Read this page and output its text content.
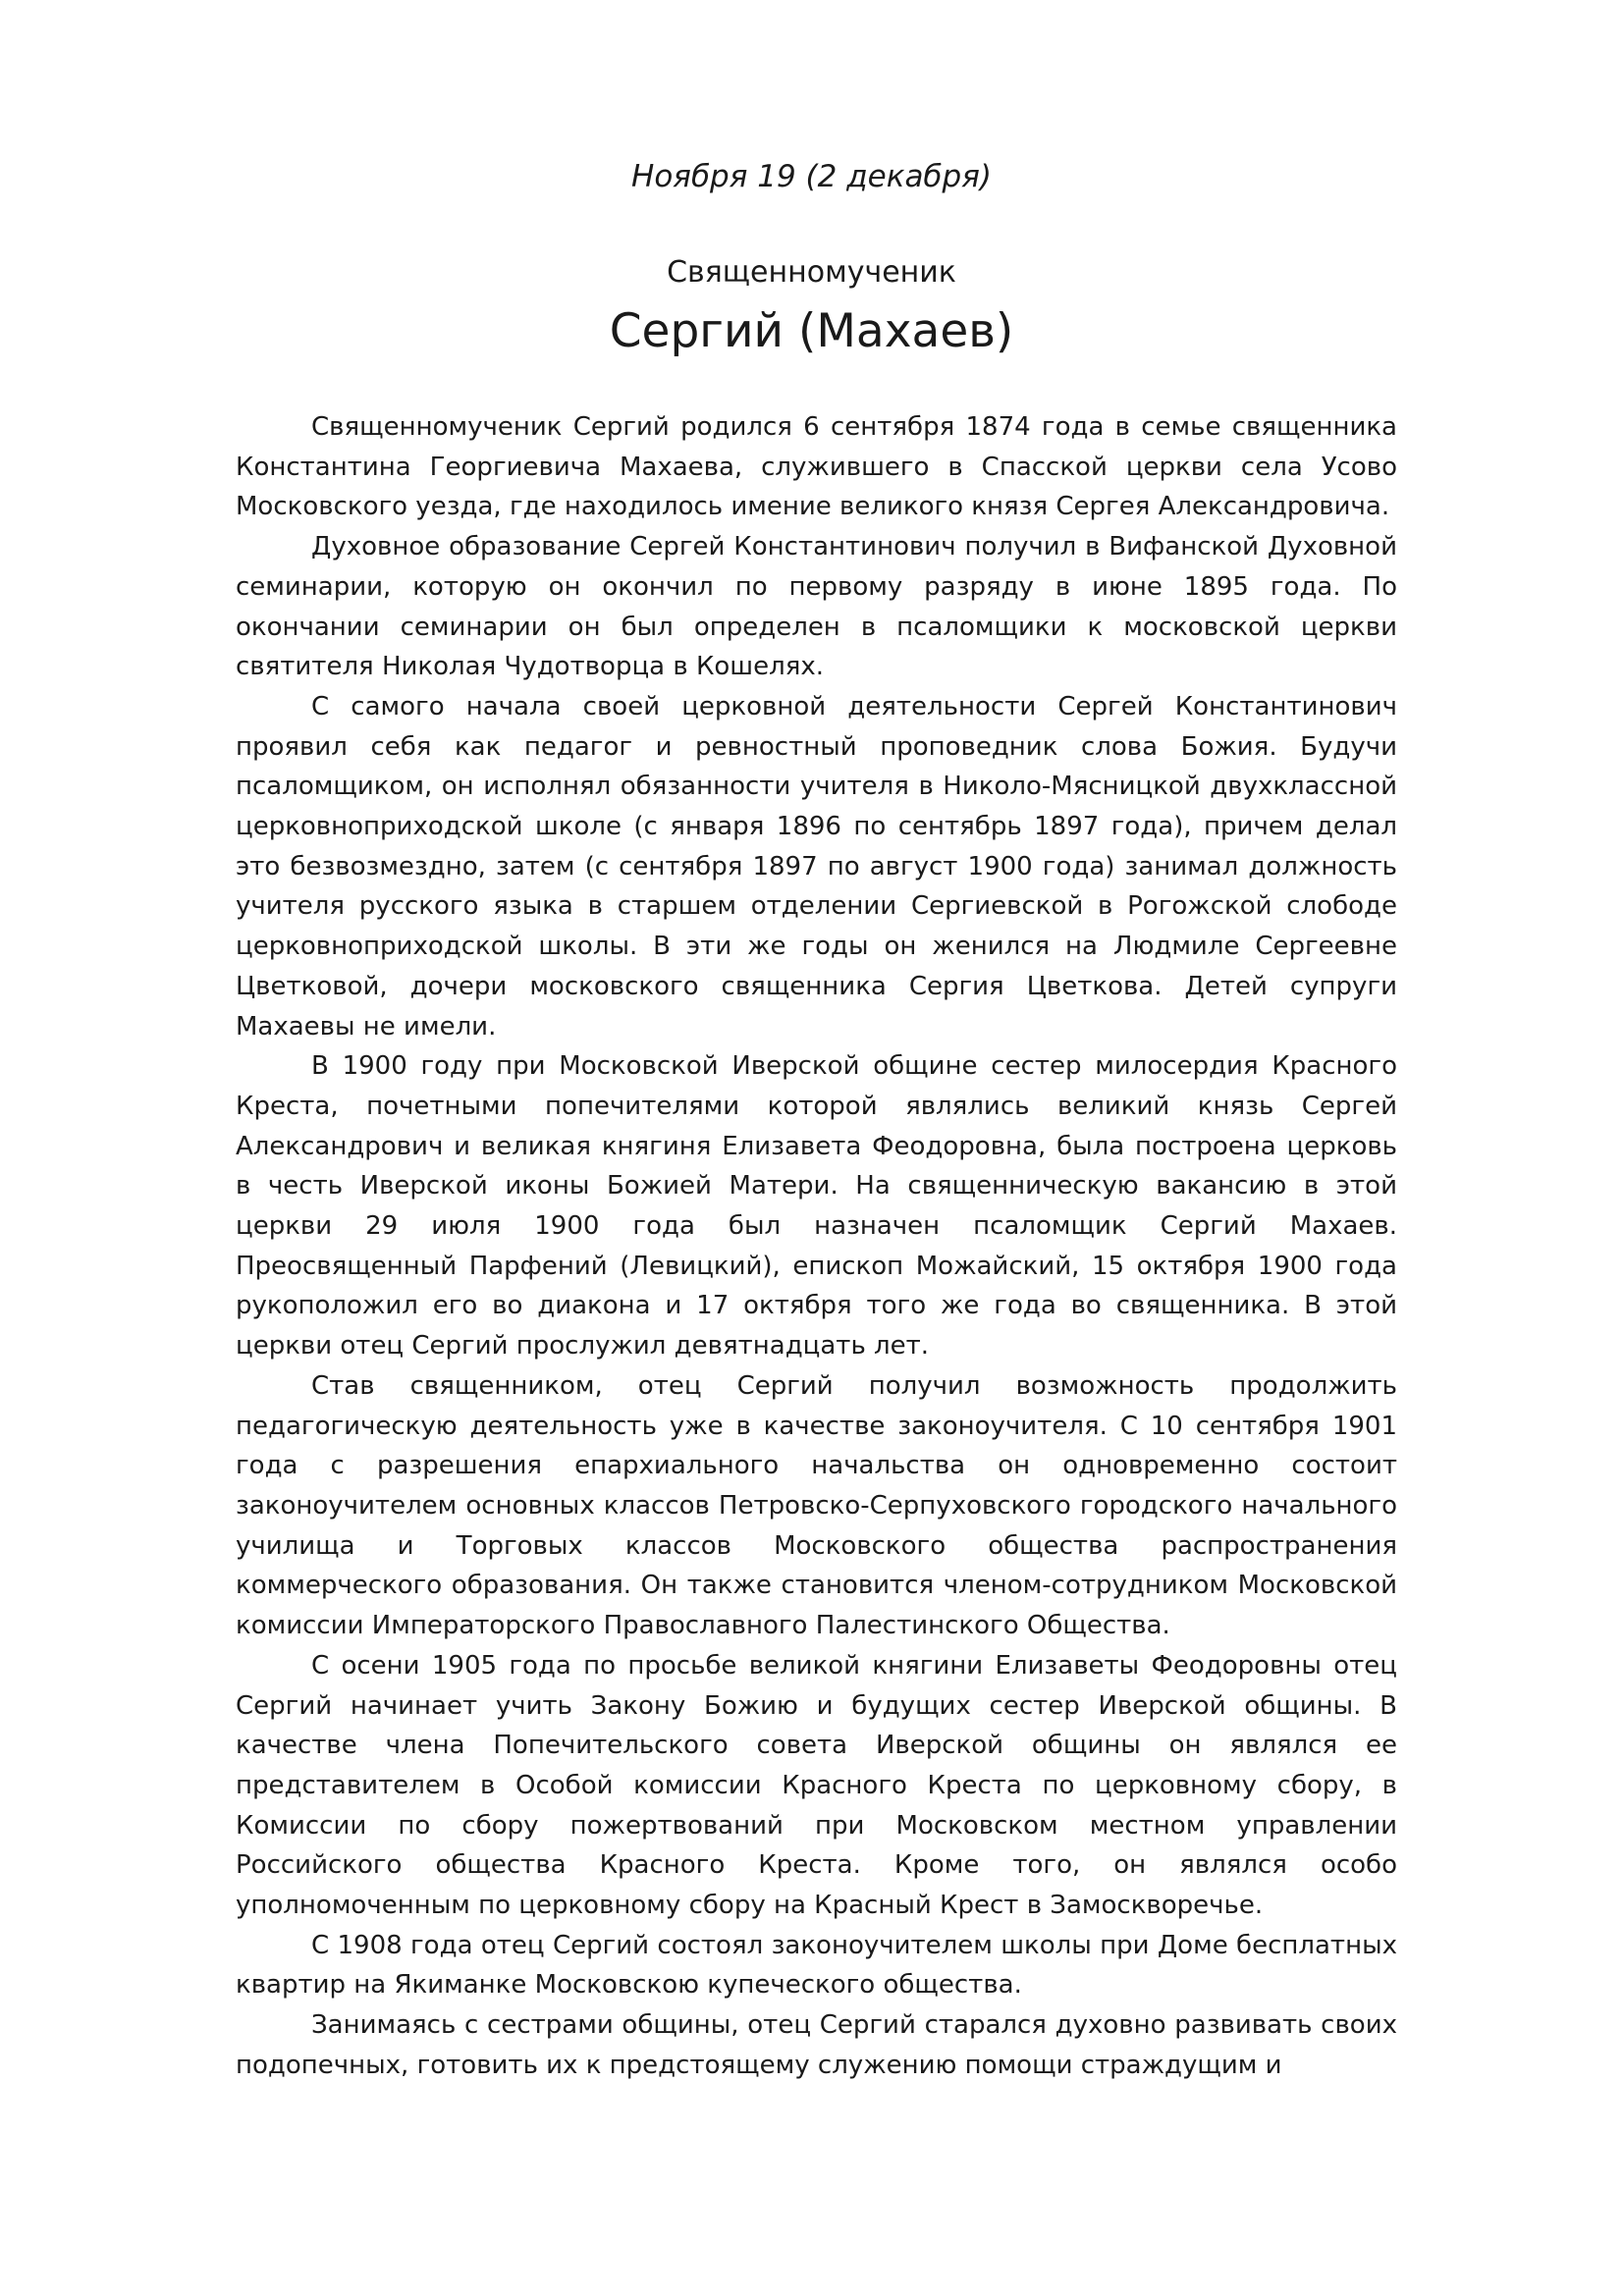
Ноября 19 (2 декабря)
Священномученик
Сергий (Махаев)

Священномученик Сергий родился 6 сентября 1874 года в семье священника Константина Георгиевича Махаева, служившего в Спасской церкви села Усово Московского уезда, где находилось имение великого князя Сергея Александровича.

Духовное образование Сергей Константинович получил в Вифанской Духовной семинарии, которую он окончил по первому разряду в июне 1895 года. По окончании семинарии он был определен в псаломщики к московской церкви святителя Николая Чудотворца в Кошелях.

С самого начала своей церковной деятельности Сергей Константинович проявил себя как педагог и ревностный проповедник слова Божия. Будучи псаломщиком, он исполнял обязанности учителя в Николо-Мясницкой двухклассной церковноприходской школе (с января 1896 по сентябрь 1897 года), причем делал это безвозмездно, затем (с сентября 1897 по август 1900 года) занимал должность учителя русского языка в старшем отделении Сергиевской в Рогожской слободе церковноприходской школы. В эти же годы он женился на Людмиле Сергеевне Цветковой, дочери московского священника Сергия Цветкова. Детей супруги Махаевы не имели.

В 1900 году при Московской Иверской общине сестер милосердия Красного Креста, почетными попечителями которой являлись великий князь Сергей Александрович и великая княгиня Елизавета Феодоровна, была построена церковь в честь Иверской иконы Божией Матери. На священническую вакансию в этой церкви 29 июля 1900 года был назначен псаломщик Сергий Махаев. Преосвященный Парфений (Левицкий), епископ Можайский, 15 октября 1900 года рукоположил его во диакона и 17 октября того же года во священника. В этой церкви отец Сергий прослужил девятнадцать лет.

Став священником, отец Сергий получил возможность продолжить педагогическую деятельность уже в качестве законоучителя. С 10 сентября 1901 года с разрешения епархиального начальства он одновременно состоит законоучителем основных классов Петровско-Серпуховского городского начального училища и Торговых классов Московского общества распространения коммерческого образования. Он также становится членом-сотрудником Московской комиссии Императорского Православного Палестинского Общества.

С осени 1905 года по просьбе великой княгини Елизаветы Феодоровны отец Сергий начинает учить Закону Божию и будущих сестер Иверской общины. В качестве члена Попечительского совета Иверской общины он являлся ее представителем в Особой комиссии Красного Креста по церковному сбору, в Комиссии по сбору пожертвований при Московском местном управлении Российского общества Красного Креста. Кроме того, он являлся особо уполномоченным по церковному сбору на Красный Крест в Замоскворечье.

С 1908 года отец Сергий состоял законоучителем школы при Доме бесплатных квартир на Якиманке Московскою купеческого общества.

Занимаясь с сестрами общины, отец Сергий старался духовно развивать своих подопечных, готовить их к предстоящему служению помощи страждущим и
